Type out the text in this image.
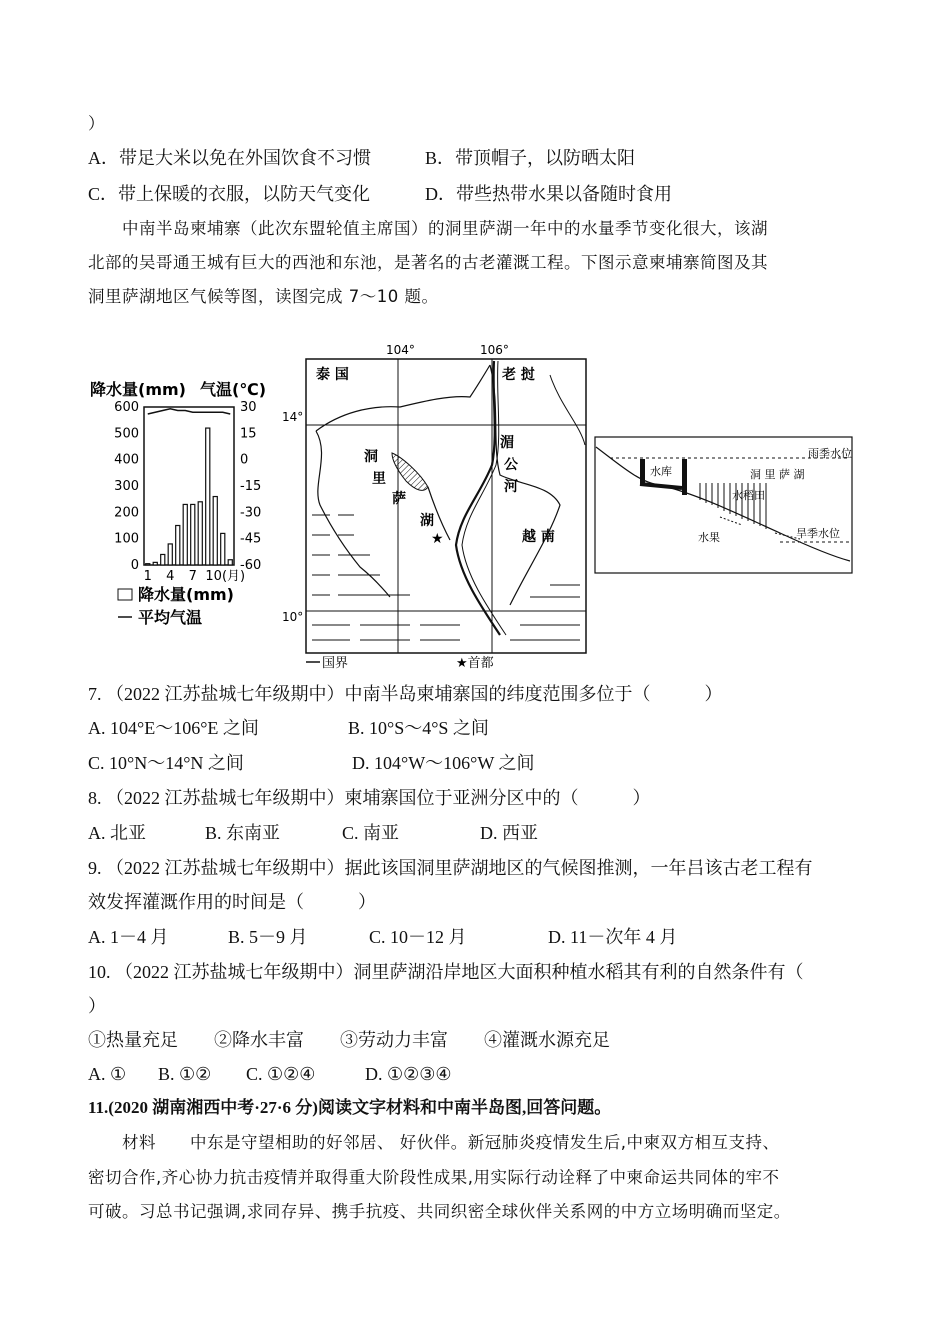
）
A．带足大米以免在外国饮食不习惯	B．带顶帽子，以防晒太阳
C．带上保暖的衣服，以防天气变化	D．带些热带水果以备随时食用
中南半岛柬埔寨（此次东盟轮值主席国）的洞里萨湖一年中的水量季节变化很大，该湖
北部的吴哥通王城有巨大的西池和东池，是著名的古老灌溉工程。下图示意柬埔寨简图及其
洞里萨湖地区气候等图，读图完成 7～10 题。
降水量(mm) 气温(℃)
600
500
400
300
200
100
0
30
15
0
-15
-30
-45
-60
1 4 7 10(月)
降水量(mm)
平均气温
104°	106°
14°
10°
★
泰 国	老 挝
湄
公
河
洞
里
萨
湖
越 南
国界	★首都
雨季水位
水库	洞 里 萨 湖
水稻田
旱季水位
水果
7. （2022 江苏盐城七年级期中）中南半岛柬埔寨国的纬度范围多位于（　　　）
A. 104°E～106°E 之间	B. 10°S～4°S 之间
C. 10°N～14°N 之间	D. 104°W～106°W 之间
8. （2022 江苏盐城七年级期中）柬埔寨国位于亚洲分区中的（　　　）
A. 北亚	B. 东南亚	C. 南亚	D. 西亚
9. （2022 江苏盐城七年级期中）据此该国洞里萨湖地区的气候图推测，一年吕该古老工程有
效发挥灌溉作用的时间是（　　　）
A. 1－4 月	B. 5－9 月	C. 10－12 月	D. 11－次年 4 月
10. （2022 江苏盐城七年级期中）洞里萨湖沿岸地区大面积种植水稻其有利的自然条件有（
）
①热量充足　　②降水丰富　　③劳动力丰富　　④灌溉水源充足
A. ① B. ①② C. ①②④	D. ①②③④
11.(2020 湖南湘西中考·27·6 分)阅读文字材料和中南半岛图,回答问题。
材料　　中东是守望相助的好邻居、 好伙伴。新冠肺炎疫情发生后,中柬双方相互支持、
密切合作,齐心协力抗击疫情并取得重大阶段性成果,用实际行动诠释了中柬命运共同体的牢不
可破。习总书记强调,求同存异、携手抗疫、共同织密全球伙伴关系网的中方立场明确而坚定。
